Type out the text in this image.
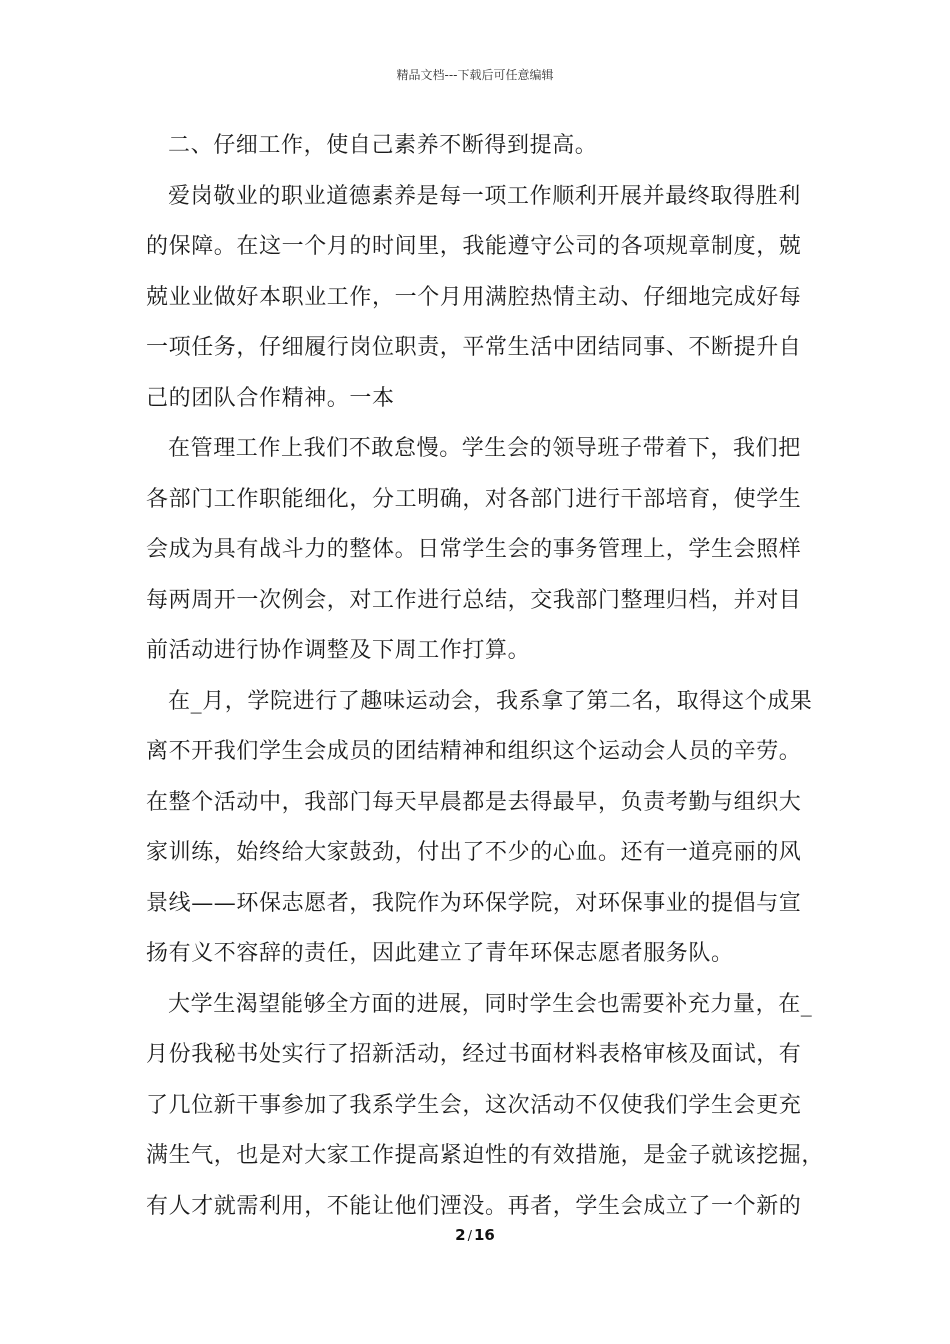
精品文档---下载后可任意编辑
二、仔细工作，使自己素养不断得到提高。
爱岗敬业的职业道德素养是每一项工作顺利开展并最终取得胜利
的保障。在这一个月的时间里，我能遵守公司的各项规章制度，兢
兢业业做好本职业工作，一个月用满腔热情主动、仔细地完成好每
一项任务，仔细履行岗位职责，平常生活中团结同事、不断提升自
己的团队合作精神。一本
在管理工作上我们不敢怠慢。学生会的领导班子带着下，我们把
各部门工作职能细化，分工明确，对各部门进行干部培育，使学生
会成为具有战斗力的整体。日常学生会的事务管理上，学生会照样
每两周开一次例会，对工作进行总结，交我部门整理归档，并对目
前活动进行协作调整及下周工作打算。
在_月，学院进行了趣味运动会，我系拿了第二名，取得这个成果
离不开我们学生会成员的团结精神和组织这个运动会人员的辛劳。
在整个活动中，我部门每天早晨都是去得最早，负责考勤与组织大
家训练，始终给大家鼓劲，付出了不少的心血。还有一道亮丽的风
景线——环保志愿者，我院作为环保学院，对环保事业的提倡与宣
扬有义不容辞的责任，因此建立了青年环保志愿者服务队。
大学生渴望能够全方面的进展，同时学生会也需要补充力量，在_
月份我秘书处实行了招新活动，经过书面材料表格审核及面试，有
了几位新干事参加了我系学生会，这次活动不仅使我们学生会更充
满生气，也是对大家工作提高紧迫性的有效措施，是金子就该挖掘，
有人才就需利用，不能让他们湮没。再者，学生会成立了一个新的
2 / 16
